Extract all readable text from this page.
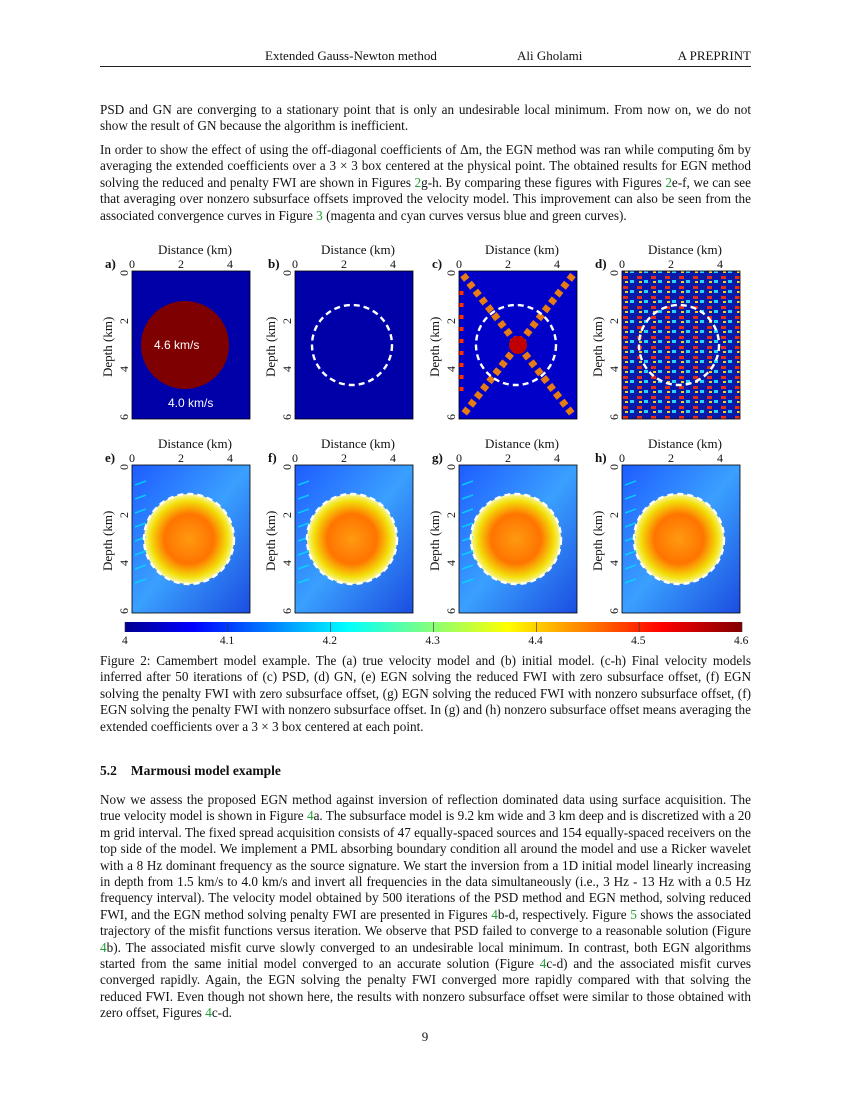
Extended Gauss-Newton method	Ali Gholami	A PREPRINT

PSD and GN are converging to a stationary point that is only an undesirable local minimum. From now on, we do not show the result of GN because the algorithm is inefficient.

In order to show the effect of using the off-diagonal coefficients of Δm, the EGN method was ran while computing δm by averaging the extended coefficients over a 3 × 3 box centered at the physical point. The obtained results for EGN method solving the reduced and penalty FWI are shown in Figures 2g-h. By comparing these figures with Figures 2e-f, we can see that averaging over nonzero subsurface offsets improved the velocity model. This improvement can also be seen from the associated convergence curves in Figure 3 (magenta and cyan curves versus blue and green curves).

Distance (km)
a) 0	2	4
Depth (km)
0
2
4
6
4.6 km/s
4.0 km/s
Distance (km)
b) 0	2	4
Depth (km)
0
2
4
6
Distance (km)
c) 0	2	4
Depth (km)
0
2
4
6
Distance (km)
d) 0	2	4
Depth (km)
0
2
4
6
Distance (km)
e) 0	2	4
Depth (km)
0
2
4
6
Distance (km)
f) 0	2	4
Depth (km)
0
2
4
6
Distance (km)
g) 0	2	4
Depth (km)
0
2
4
6
Distance (km)
h) 0	2	4
Depth (km)
0
2
4
6
4	4.1	4.2	4.3	4.4	4.5	4.6

Figure 2: Camembert model example. The (a) true velocity model and (b) initial model. (c-h) Final velocity models inferred after 50 iterations of (c) PSD, (d) GN, (e) EGN solving the reduced FWI with zero subsurface offset, (f) EGN solving the penalty FWI with zero subsurface offset, (g) EGN solving the reduced FWI with nonzero subsurface offset, (f) EGN solving the penalty FWI with nonzero subsurface offset. In (g) and (h) nonzero subsurface offset means averaging the extended coefficients over a 3 × 3 box centered at each point.

5.2 Marmousi model example

Now we assess the proposed EGN method against inversion of reflection dominated data using surface acquisition. The true velocity model is shown in Figure 4a. The subsurface model is 9.2 km wide and 3 km deep and is discretized with a 20 m grid interval. The fixed spread acquisition consists of 47 equally-spaced sources and 154 equally-spaced receivers on the top side of the model. We implement a PML absorbing boundary condition all around the model and use a Ricker wavelet with a 8 Hz dominant frequency as the source signature. We start the inversion from a 1D initial model linearly increasing in depth from 1.5 km/s to 4.0 km/s and invert all frequencies in the data simultaneously (i.e., 3 Hz - 13 Hz with a 0.5 Hz frequency interval). The velocity model obtained by 500 iterations of the PSD method and EGN method, solving reduced FWI, and the EGN method solving penalty FWI are presented in Figures 4b-d, respectively. Figure 5 shows the associated trajectory of the misfit functions versus iteration. We observe that PSD failed to converge to a reasonable solution (Figure 4b). The associated misfit curve slowly converged to an undesirable local minimum. In contrast, both EGN algorithms started from the same initial model converged to an accurate solution (Figure 4c-d) and the associated misfit curves converged rapidly. Again, the EGN solving the penalty FWI converged more rapidly compared with that solving the reduced FWI. Even though not shown here, the results with nonzero subsurface offset were similar to those obtained with zero offset, Figures 4c-d.

9
